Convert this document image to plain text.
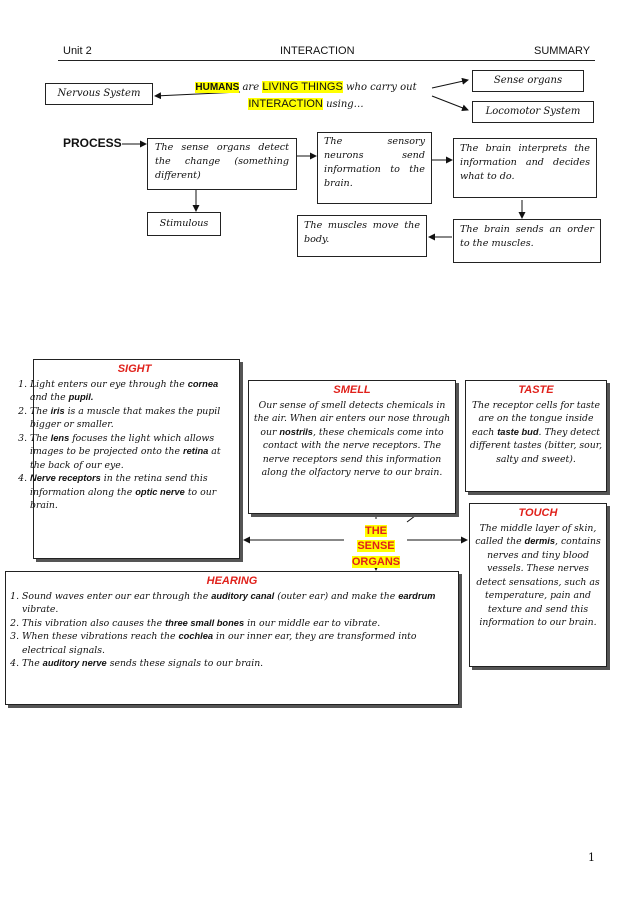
Unit 2	INTERACTION	SUMMARY
Nervous System
HUMANS are LIVING THINGS who carry out
INTERACTION using…
Sense organs
Locomotor System
PROCESS	The sense organs detect the change (something different)
Stimulous
The sensory neurons send information to the brain.
The brain interprets the information and decides what to do.
The brain sends an order to the muscles.
The muscles move the body.
SIGHT
1. Light enters our eye through the cornea and the pupil.
2. The iris is a muscle that makes the pupil bigger or smaller.
3. The lens focuses the light which allows images to be projected onto the retina at the back of our eye.
4. Nerve receptors in the retina send this information along the optic nerve to our brain.
SMELL
Our sense of smell detects chemicals in the air. When air enters our nose through our nostrils, these chemicals come into contact with the nerve receptors. The nerve receptors send this information along the olfactory nerve to our brain.
TASTE
The receptor cells for taste are on the tongue inside each taste bud. They detect different tastes (bitter, sour, salty and sweet).
TOUCH
The middle layer of skin, called the dermis, contains nerves and tiny blood vessels. These nerves detect sensations, such as temperature, pain and texture and send this information to our brain.
THE SENSE
ORGANS
HEARING
1. Sound waves enter our ear through the auditory canal (outer ear) and make the eardrum vibrate.
2. This vibration also causes the three small bones in our middle ear to vibrate.
3. When these vibrations reach the cochlea in our inner ear, they are transformed into electrical signals.
4. The auditory nerve sends these signals to our brain.
1
